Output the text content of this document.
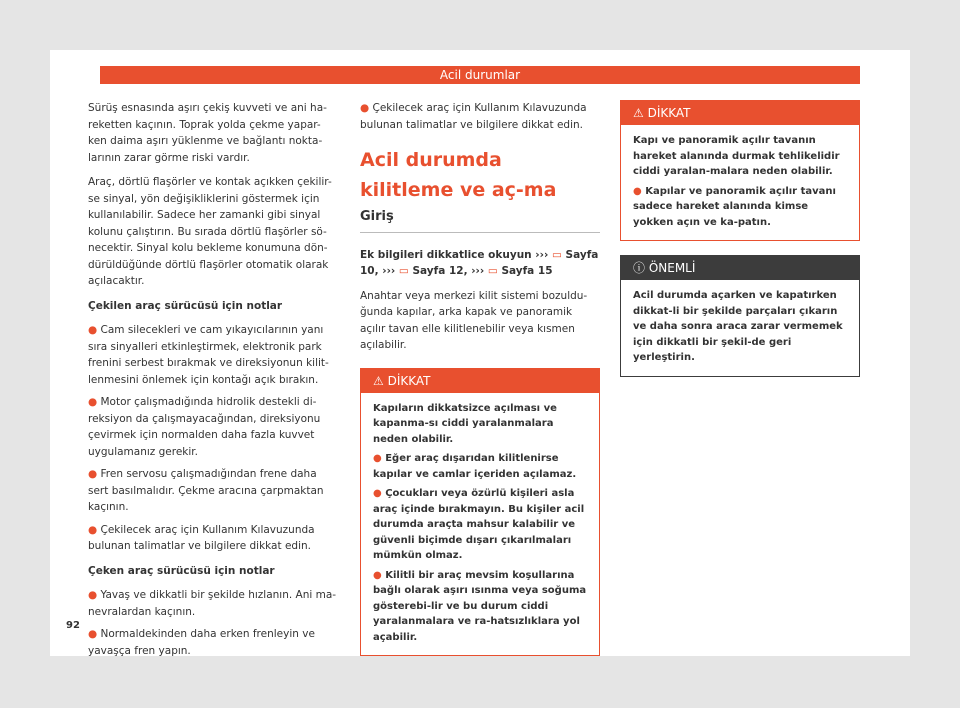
Acil durumlar

Sürüş esnasında aşırı çekiş kuvveti ve ani ha-reketten kaçının. Toprak yolda çekme yapar-ken daima aşırı yüklenme ve bağlantı nokta-larının zarar görme riski vardır.

Araç, dörtlü flaşörler ve kontak açıkken çekilir-se sinyal, yön değişikliklerini göstermek için kullanılabilir. Sadece her zamanki gibi sinyal kolunu çalıştırın. Bu sırada dörtlü flaşörler sö-necektir. Sinyal kolu bekleme konumuna dön-dürüldüğünde dörtlü flaşörler otomatik olarak açılacaktır.

Çekilen araç sürücüsü için notlar

● Cam silecekleri ve cam yıkayıcılarının yanı sıra sinyalleri etkinleştirmek, elektronik park frenini serbest bırakmak ve direksiyonun kilit-lenmesini önlemek için kontağı açık bırakın.
● Motor çalışmadığında hidrolik destekli di-reksiyon da çalışmayacağından, direksiyonu çevirmek için normalden daha fazla kuvvet uygulamanız gerekir.
● Fren servosu çalışmadığından frene daha sert basılmalıdır. Çekme aracına çarpmaktan kaçının.
● Çekilecek araç için Kullanım Kılavuzunda bulunan talimatlar ve bilgilere dikkat edin.

Çeken araç sürücüsü için notlar

● Yavaş ve dikkatli bir şekilde hızlanın. Ani ma-nevralardan kaçının.
● Normaldekinden daha erken frenleyin ve yavaşça fren yapın.
● Çekilecek araç için Kullanım Kılavuzunda bulunan talimatlar ve bilgilere dikkat edin.
Acil durumda kilitleme ve aç-ma
Giriş

Ek bilgileri dikkatlice okuyun ››› ▭ Sayfa 10, ››› ▭ Sayfa 12, ››› ▭ Sayfa 15

Anahtar veya merkezi kilit sistemi bozuldu-ğunda kapılar, arka kapak ve panoramik açılır tavan elle kilitlenebilir veya kısmen açılabilir.

⚠ DİKKAT

Kapıların dikkatsizce açılması ve kapanma-sı ciddi yaralanmalara neden olabilir.

● Eğer araç dışarıdan kilitlenirse kapılar ve camlar içeriden açılamaz.

● Çocukları veya özürlü kişileri asla araç içinde bırakmayın. Bu kişiler acil durumda araçta mahsur kalabilir ve güvenli biçimde dışarı çıkarılmaları mümkün olmaz.

● Kilitli bir araç mevsim koşullarına bağlı olarak aşırı ısınma veya soğuma gösterebi-lir ve bu durum ciddi yaralanmalara ve ra-hatsızlıklara yol açabilir.

⚠ DİKKAT

Kapı ve panoramik açılır tavanın hareket alanında durmak tehlikelidir ciddi yaralan-malara neden olabilir.

● Kapılar ve panoramik açılır tavanı sadece hareket alanında kimse yokken açın ve ka-patın.

ⓘ ÖNEMLİ

Acil durumda açarken ve kapatırken dikkat-li bir şekilde parçaları çıkarın ve daha sonra araca zarar vermemek için dikkatli bir şekil-de geri yerleştirin.

92
